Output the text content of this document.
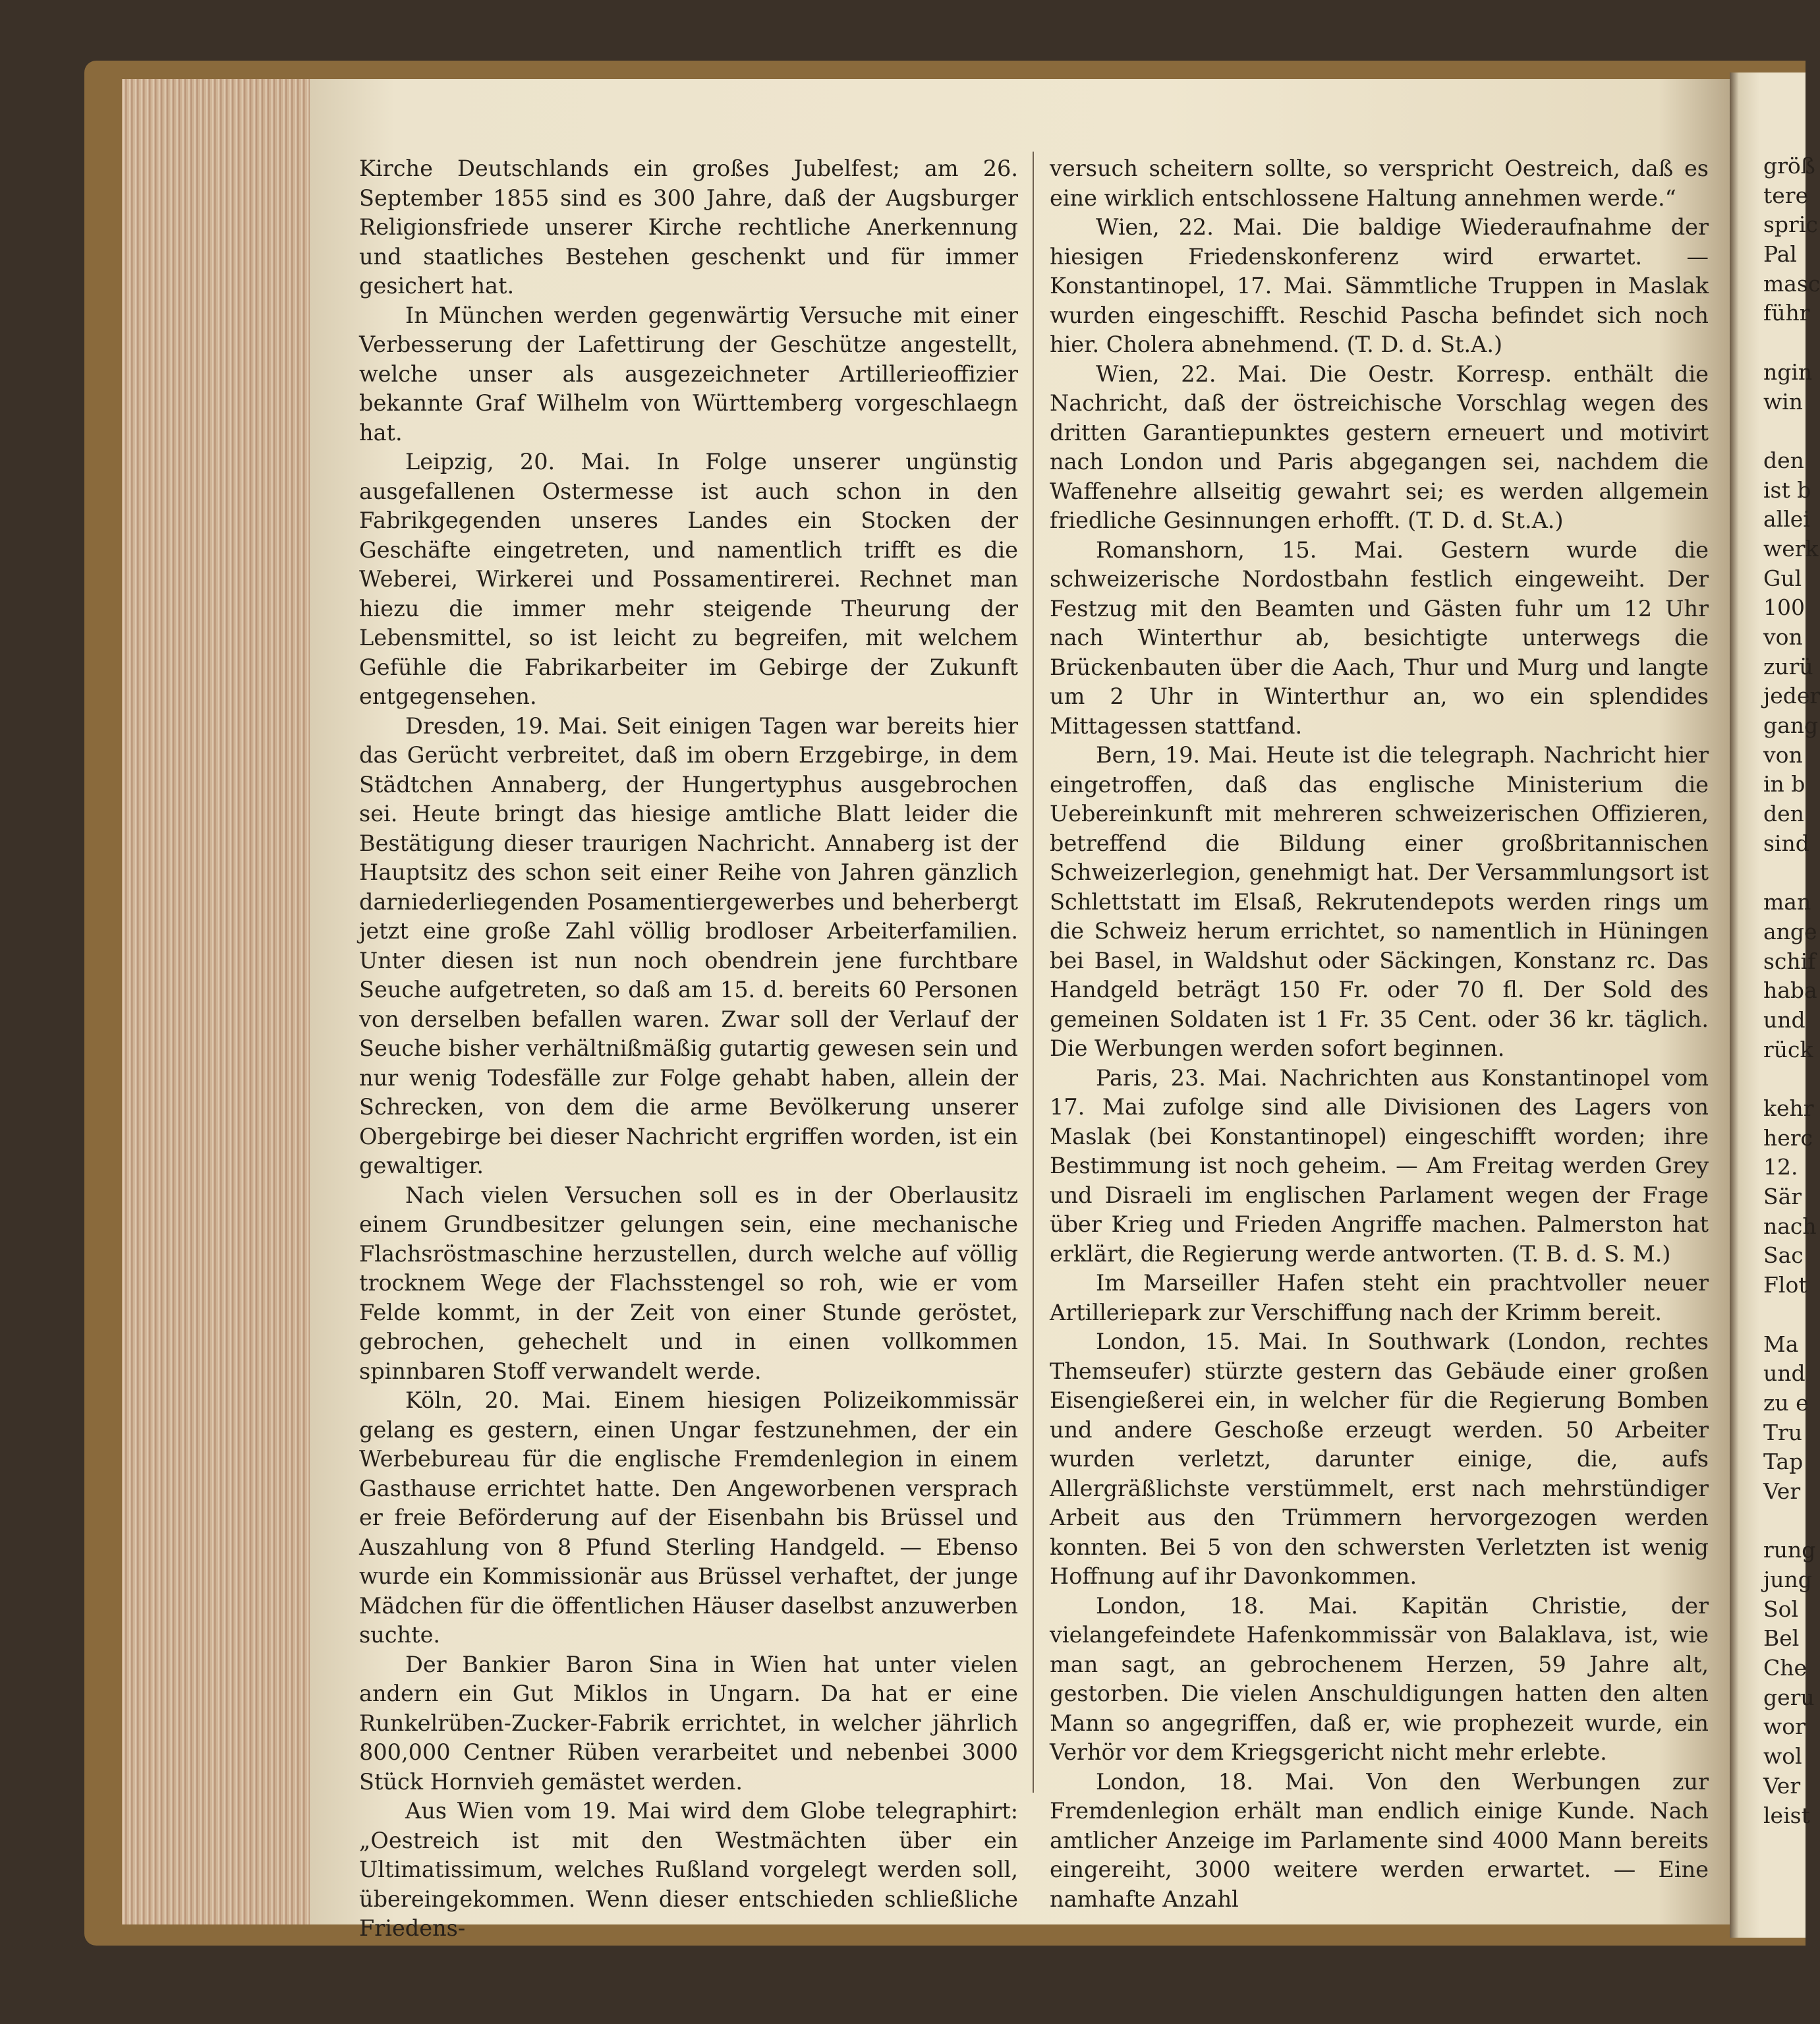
Kirche Deutschlands ein großes Jubelfest; am 26. September 1855 sind es 300 Jahre, daß der Augsburger Religionsfriede unserer Kirche rechtliche Anerkennung und staatliches Bestehen geschenkt und für immer gesichert hat.

In München werden gegenwärtig Versuche mit einer Verbesserung der Lafettirung der Geschütze angestellt, welche unser als ausgezeichneter Artillerieoffizier bekannte Graf Wilhelm von Württemberg vorgeschlaegn hat.

Leipzig, 20. Mai. In Folge unserer ungünstig ausgefallenen Ostermesse ist auch schon in den Fabrikgegenden unseres Landes ein Stocken der Geschäfte eingetreten, und namentlich trifft es die Weberei, Wirkerei und Possamentirerei. Rechnet man hiezu die immer mehr steigende Theurung der Lebensmittel, so ist leicht zu begreifen, mit welchem Gefühle die Fabrikarbeiter im Gebirge der Zukunft entgegensehen.

Dresden, 19. Mai. Seit einigen Tagen war bereits hier das Gerücht verbreitet, daß im obern Erzgebirge, in dem Städtchen Annaberg, der Hungertyphus ausgebrochen sei. Heute bringt das hiesige amtliche Blatt leider die Bestätigung dieser traurigen Nachricht. Annaberg ist der Hauptsitz des schon seit einer Reihe von Jahren gänzlich darniederliegenden Posamentiergewerbes und beherbergt jetzt eine große Zahl völlig brodloser Arbeiterfamilien. Unter diesen ist nun noch obendrein jene furchtbare Seuche aufgetreten, so daß am 15. d. bereits 60 Personen von derselben befallen waren. Zwar soll der Verlauf der Seuche bisher verhältnißmäßig gutartig gewesen sein und nur wenig Todesfälle zur Folge gehabt haben, allein der Schrecken, von dem die arme Bevölkerung unserer Obergebirge bei dieser Nachricht ergriffen worden, ist ein gewaltiger.

Nach vielen Versuchen soll es in der Oberlausitz einem Grundbesitzer gelungen sein, eine mechanische Flachsröstmaschine herzustellen, durch welche auf völlig trocknem Wege der Flachsstengel so roh, wie er vom Felde kommt, in der Zeit von einer Stunde geröstet, gebrochen, gehechelt und in einen vollkommen spinnbaren Stoff verwandelt werde.

Köln, 20. Mai. Einem hiesigen Polizeikommissär gelang es gestern, einen Ungar festzunehmen, der ein Werbebureau für die englische Fremdenlegion in einem Gasthause errichtet hatte. Den Angeworbenen versprach er freie Beförderung auf der Eisenbahn bis Brüssel und Auszahlung von 8 Pfund Sterling Handgeld. — Ebenso wurde ein Kommissionär aus Brüssel verhaftet, der junge Mädchen für die öffentlichen Häuser daselbst anzuwerben suchte.

Der Bankier Baron Sina in Wien hat unter vielen andern ein Gut Miklos in Ungarn. Da hat er eine Runkelrüben-Zucker-Fabrik errichtet, in welcher jährlich 800,000 Centner Rüben verarbeitet und nebenbei 3000 Stück Hornvieh gemästet werden.

Aus Wien vom 19. Mai wird dem Globe telegraphirt: „Oestreich ist mit den Westmächten über ein Ultimatissimum, welches Rußland vorgelegt werden soll, übereingekommen. Wenn dieser entschieden schließliche Friedens-

versuch scheitern sollte, so verspricht Oestreich, daß es eine wirklich entschlossene Haltung annehmen werde.“

Wien, 22. Mai. Die baldige Wiederaufnahme der hiesigen Friedenskonferenz wird erwartet. — Konstantinopel, 17. Mai. Sämmtliche Truppen in Maslak wurden eingeschifft. Reschid Pascha befindet sich noch hier. Cholera abnehmend. (T. D. d. St.A.)

Wien, 22. Mai. Die Oestr. Korresp. enthält die Nachricht, daß der östreichische Vorschlag wegen des dritten Garantiepunktes gestern erneuert und motivirt nach London und Paris abgegangen sei, nachdem die Waffenehre allseitig gewahrt sei; es werden allgemein friedliche Gesinnungen erhofft. (T. D. d. St.A.)

Romanshorn, 15. Mai. Gestern wurde die schweizerische Nordostbahn festlich eingeweiht. Der Festzug mit den Beamten und Gästen fuhr um 12 Uhr nach Winterthur ab, besichtigte unterwegs die Brückenbauten über die Aach, Thur und Murg und langte um 2 Uhr in Winterthur an, wo ein splendides Mittagessen stattfand.

Bern, 19. Mai. Heute ist die telegraph. Nachricht hier eingetroffen, daß das englische Ministerium die Uebereinkunft mit mehreren schweizerischen Offizieren, betreffend die Bildung einer großbritannischen Schweizerlegion, genehmigt hat. Der Versammlungsort ist Schlettstatt im Elsaß, Rekrutendepots werden rings um die Schweiz herum errichtet, so namentlich in Hüningen bei Basel, in Waldshut oder Säckingen, Konstanz rc. Das Handgeld beträgt 150 Fr. oder 70 fl. Der Sold des gemeinen Soldaten ist 1 Fr. 35 Cent. oder 36 kr. täglich. Die Werbungen werden sofort beginnen.

Paris, 23. Mai. Nachrichten aus Konstantinopel vom 17. Mai zufolge sind alle Divisionen des Lagers von Maslak (bei Konstantinopel) eingeschifft worden; ihre Bestimmung ist noch geheim. — Am Freitag werden Grey und Disraeli im englischen Parlament wegen der Frage über Krieg und Frieden Angriffe machen. Palmerston hat erklärt, die Regierung werde antworten. (T. B. d. S. M.)

Im Marseiller Hafen steht ein prachtvoller neuer Artilleriepark zur Verschiffung nach der Krimm bereit.

London, 15. Mai. In Southwark (London, rechtes Themseufer) stürzte gestern das Gebäude einer großen Eisengießerei ein, in welcher für die Regierung Bomben und andere Geschoße erzeugt werden. 50 Arbeiter wurden verletzt, darunter einige, die, aufs Allergräßlichste verstümmelt, erst nach mehrstündiger Arbeit aus den Trümmern hervorgezogen werden konnten. Bei 5 von den schwersten Verletzten ist wenig Hoffnung auf ihr Davonkommen.

London, 18. Mai. Kapitän Christie, der vielangefeindete Hafenkommissär von Balaklava, ist, wie man sagt, an gebrochenem Herzen, 59 Jahre alt, gestorben. Die vielen Anschuldigungen hatten den alten Mann so angegriffen, daß er, wie prophezeit wurde, ein Verhör vor dem Kriegsgericht nicht mehr erlebte.

London, 18. Mai. Von den Werbungen zur Fremdenlegion erhält man endlich einige Kunde. Nach amtlicher Anzeige im Parlamente sind 4000 Mann bereits eingereiht, 3000 weitere werden erwartet. — Eine namhafte Anzahl

größ
tere
spric
Pal
masc
führ
ngin
win
den
ist b
allei
werk
Gul
100
von
zurü
jeder
gang
von
in b
den
sind
man
ange
schif
haba
und
rück
kehr
herc
12.
Sär
nach
Sac
Flot
Ma
und
zu e
Tru
Tap
Ver
rung
jung
Sol
Bel
Che
geru
wor
wol
Ver
leist
